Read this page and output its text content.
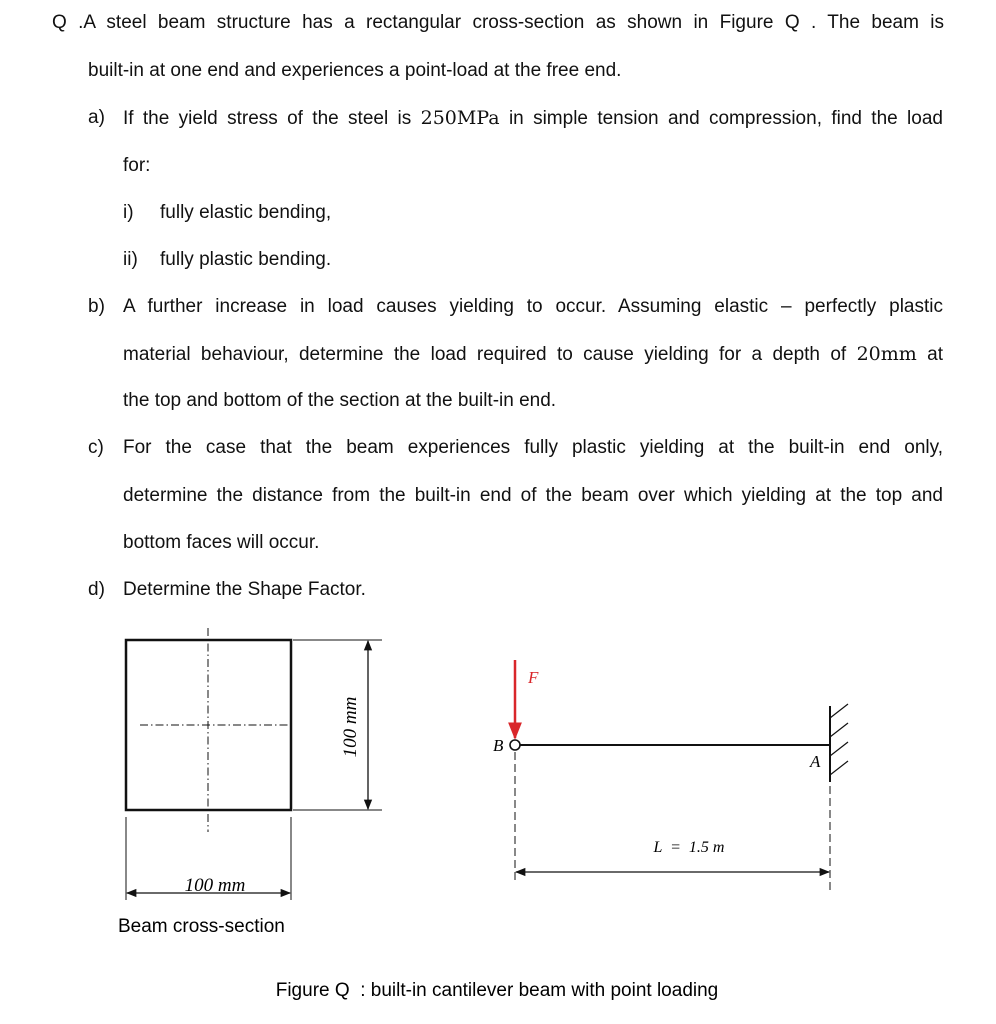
Q .A steel beam structure has a rectangular cross-section as shown in Figure Q . The beam is
built-in at one end and experiences a point-load at the free end.
a) If the yield stress of the steel is 250MPa in simple tension and compression, find the load
for:
i) fully elastic bending,
ii) fully plastic bending.
b) A further increase in load causes yielding to occur. Assuming elastic – perfectly plastic
material behaviour, determine the load required to cause yielding for a depth of 20mm at
the top and bottom of the section at the built-in end.
c) For the case that the beam experiences fully plastic yielding at the built-in end only,
determine the distance from the built-in end of the beam over which yielding at the top and
bottom faces will occur.
d) Determine the Shape Factor.
100 mm
100 mm
Beam cross-section
F
B
A
L  =  1.5 m
Figure Q  : built-in cantilever beam with point loading
